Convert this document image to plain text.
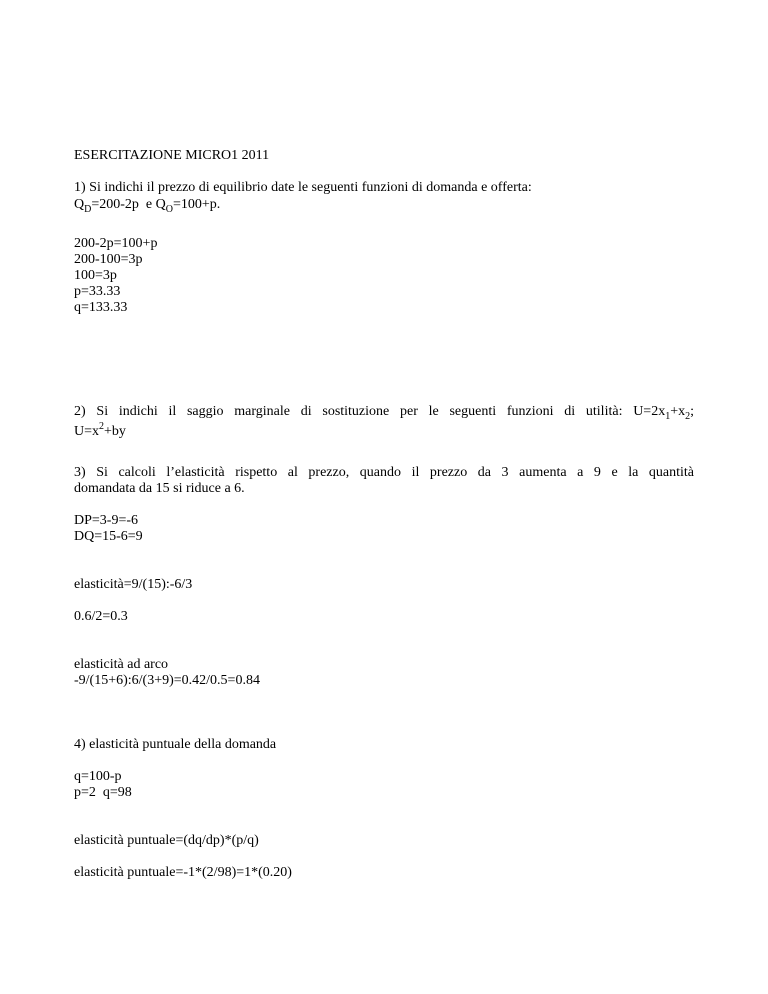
ESERCITAZIONE MICRO1 2011
1) Si indichi il prezzo di equilibrio date le seguenti funzioni di domanda e offerta:
$Q_D=200-2p$  e $Q_O=100+p$.
200-2p=100+p
200-100=3p
100=3p
p=33.33
q=133.33
2) Si indichi il saggio marginale di sostituzione per le seguenti funzioni di utilità: $U=2x_1+x_2$;
$U=x^2+by$
3) Si calcoli l’elasticità rispetto al prezzo, quando il prezzo da 3 aumenta a 9 e la quantità
domandata da 15 si riduce a 6.
DP=3-9=-6
DQ=15-6=9
elasticità=9/(15):-6/3
0.6/2=0.3
elasticità ad arco
-9/(15+6):6/(3+9)=0.42/0.5=0.84
4) elasticità puntuale della domanda
q=100-p
p=2  q=98
elasticità puntuale=(dq/dp)*(p/q)
elasticità puntuale=-1*(2/98)=1*(0.20)
